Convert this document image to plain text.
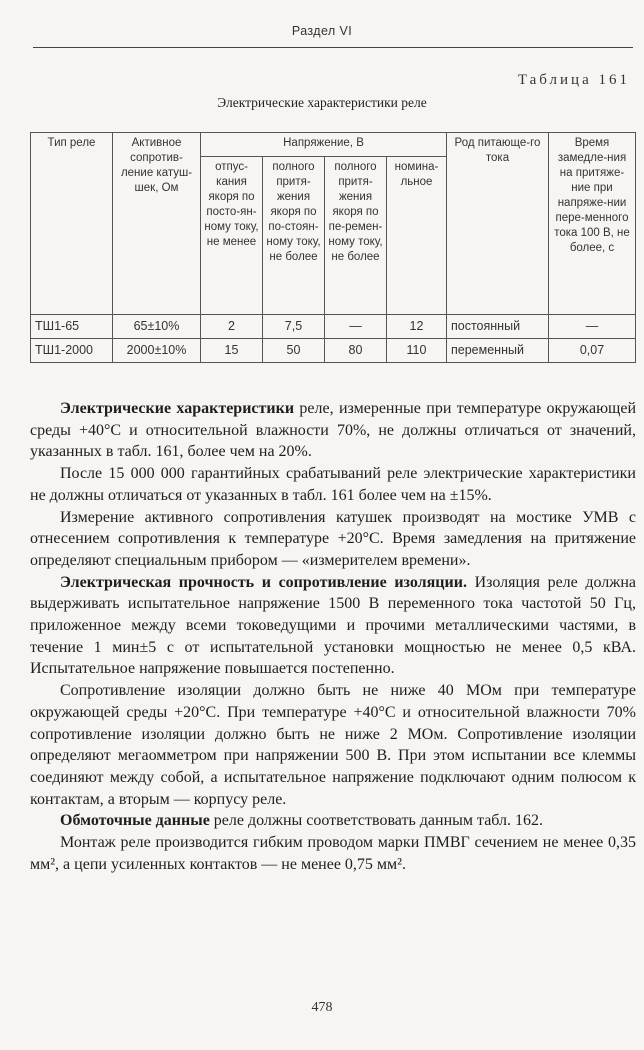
Раздел VI
Таблица 161
Электрические характеристики реле
Тип реле	Активное сопротив-ление катуш-шек, Ом	Напряжение, В				Род питающе-го тока	Время замедле-ния на притяже-ние при напряже-нии пере-менного тока 100 В, не более, с
		отпус-кания якоря по посто-ян-ному току, не менее	полного притя-жения якоря по по-стоян-ному току, не более	полного притя-жения якоря по пе-ремен-ному току, не более	номина-льное		
ТШ1-65	65±10%	2	7,5	—	12	постоянный	—
ТШ1-2000	2000±10%	15	50	80	110	переменный	0,07

Электрические характеристики реле, измеренные при температуре окружающей среды +40°С и относительной влажности 70%, не должны отличаться от значений, указанных в табл. 161, более чем на 20%.

После 15 000 000 гарантийных срабатываний реле электрические характеристики не должны отличаться от указанных в табл. 161 более чем на ±15%.

Измерение активного сопротивления катушек производят на мостике УМВ с отнесением сопротивления к температуре +20°С. Время замедления на притяжение определяют специальным прибором — «измерителем времени».

Электрическая прочность и сопротивление изоляции. Изоляция реле должна выдерживать испытательное напряжение 1500 В переменного тока частотой 50 Гц, приложенное между всеми токоведущими и прочими металлическими частями, в течение 1 мин±5 с от испытательной установки мощностью не менее 0,5 кВА. Испытательное напряжение повышается постепенно.

Сопротивление изоляции должно быть не ниже 40 МОм при температуре окружающей среды +20°С. При температуре +40°С и относительной влажности 70% сопротивление изоляции должно быть не ниже 2 МОм. Сопротивление изоляции определяют мегаомметром при напряжении 500 В. При этом испытании все клеммы соединяют между собой, а испытательное напряжение подключают одним полюсом к контактам, а вторым — корпусу реле.

Обмоточные данные реле должны соответствовать данным табл. 162.

Монтаж реле производится гибким проводом марки ПМВГ сечением не менее 0,35 мм², а цепи усиленных контактов — не менее 0,75 мм².

478
